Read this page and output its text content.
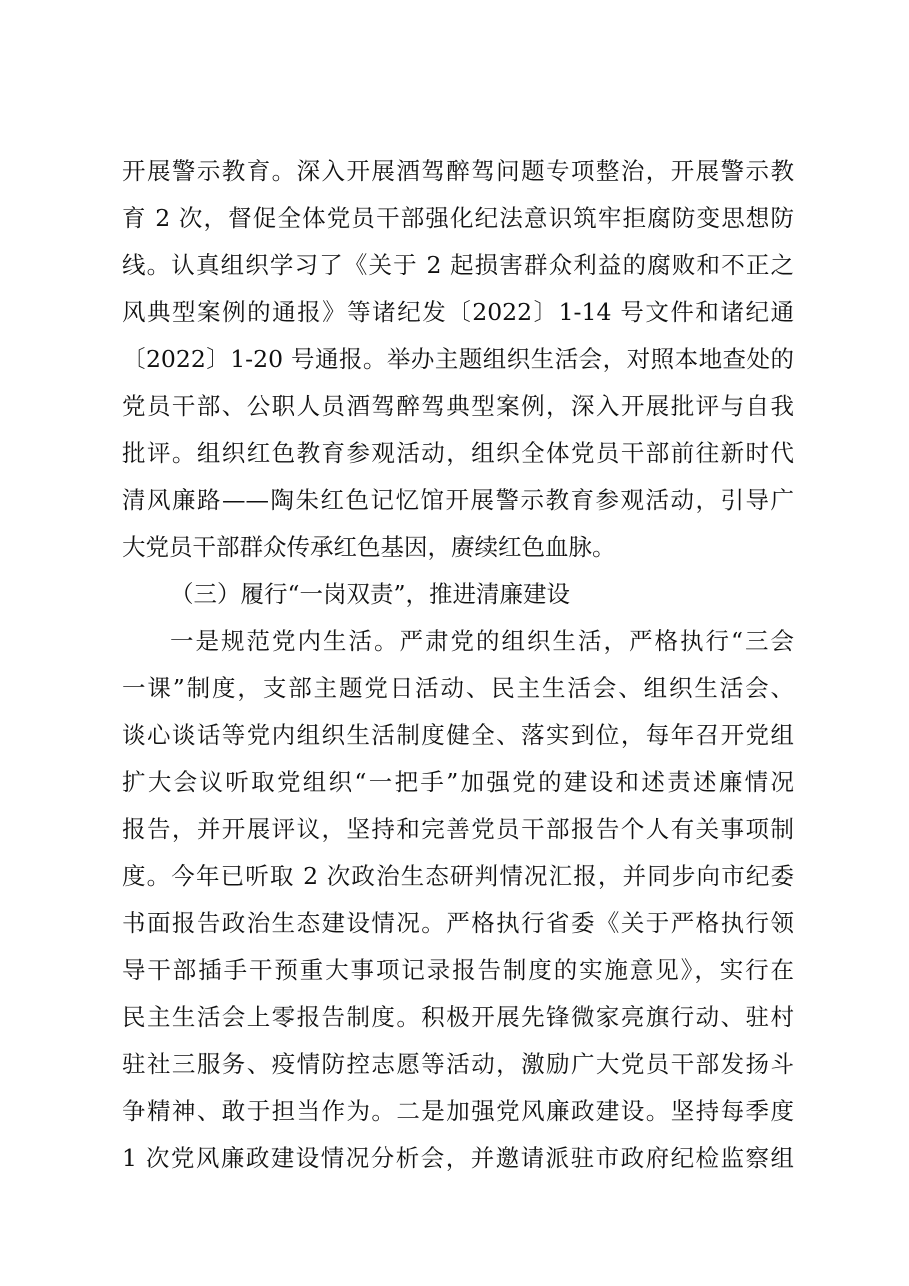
开展警示教育。深入开展酒驾醉驾问题专项整治，开展警示教
育 2 次，督促全体党员干部强化纪法意识筑牢拒腐防变思想防
线。认真组织学习了《关于 2 起损害群众利益的腐败和不正之
风典型案例的通报》等诸纪发〔2022〕1-14 号文件和诸纪通
〔2022〕1-20 号通报。举办主题组织生活会，对照本地查处的
党员干部、公职人员酒驾醉驾典型案例，深入开展批评与自我
批评。组织红色教育参观活动，组织全体党员干部前往新时代
清风廉路——陶朱红色记忆馆开展警示教育参观活动，引导广
大党员干部群众传承红色基因，赓续红色血脉。
（三）履行“一岗双责”，推进清廉建设
一是规范党内生活。严肃党的组织生活，严格执行“三会
一课”制度，支部主题党日活动、民主生活会、组织生活会、
谈心谈话等党内组织生活制度健全、落实到位，每年召开党组
扩大会议听取党组织“一把手”加强党的建设和述责述廉情况
报告，并开展评议，坚持和完善党员干部报告个人有关事项制
度。今年已听取 2 次政治生态研判情况汇报，并同步向市纪委
书面报告政治生态建设情况。严格执行省委《关于严格执行领
导干部插手干预重大事项记录报告制度的实施意见》，实行在
民主生活会上零报告制度。积极开展先锋微家亮旗行动、驻村
驻社三服务、疫情防控志愿等活动，激励广大党员干部发扬斗
争精神、敢于担当作为。二是加强党风廉政建设。坚持每季度
1 次党风廉政建设情况分析会，并邀请派驻市政府纪检监察组
